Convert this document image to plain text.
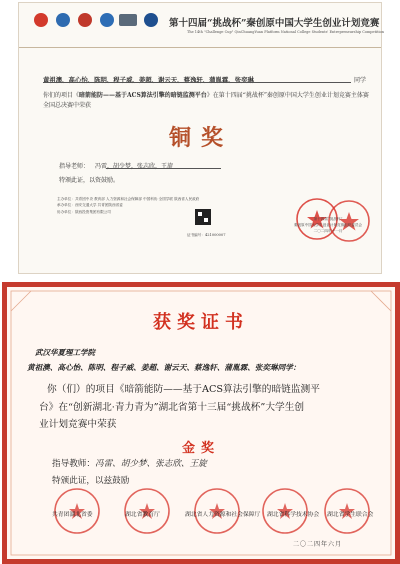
第十四届“挑战杯”秦创原中国大学生创业计划竞赛
The 14th "Challenge Cup" QinChuangYuan Platform National College Students' Entrepreneurship Competition
黄祖澳、高心怡、陈明、程子威、姜超、谢云天、蔡逸轩、蒲胤霖、张奕琳	同学
你们的项目《暗箭能防——基于ACS算法引擎的暗链监测平台》在第十四届“挑战杯”秦创原中国大学生创业计划竞赛主体赛全国总决赛中荣获
铜奖
指导老师： 冯雷，胡少梦，张志欣，王旋
特颁此证，以资鼓励。
主办单位：共青团中央 教育部 人力资源和社会保障部 中国科协 全国学联 陕西省人民政府
承办单位：西安交通大学 共青团陕西省委
协办单位：陕西投资集团有限公司
证书编号：421000007
第十四届“挑战杯”
秦创原中国大学生创业计划竞赛组织委员会
二〇二四年十一月
获奖证书
武汉华夏理工学院
黄祖澳、高心怡、陈明、程子威、姜超、谢云天、蔡逸轩、蒲胤霖、张奕琳同学：
你（们）的项目《暗箭能防——基于ACS算法引擎的暗链监测平
台》在“创新湖北·青力青为”湖北省第十三届“挑战杯”大学生创
业计划竞赛中荣获
金奖
指导教师：冯雷、胡少梦、张志欣、王旋
特颁此证，以兹鼓励
共青团湖北省委	湖北省教育厅	湖北省人力资源和社会保障厅 湖北省科学技术协会 湖北省学生联合会
二〇二四年六月
